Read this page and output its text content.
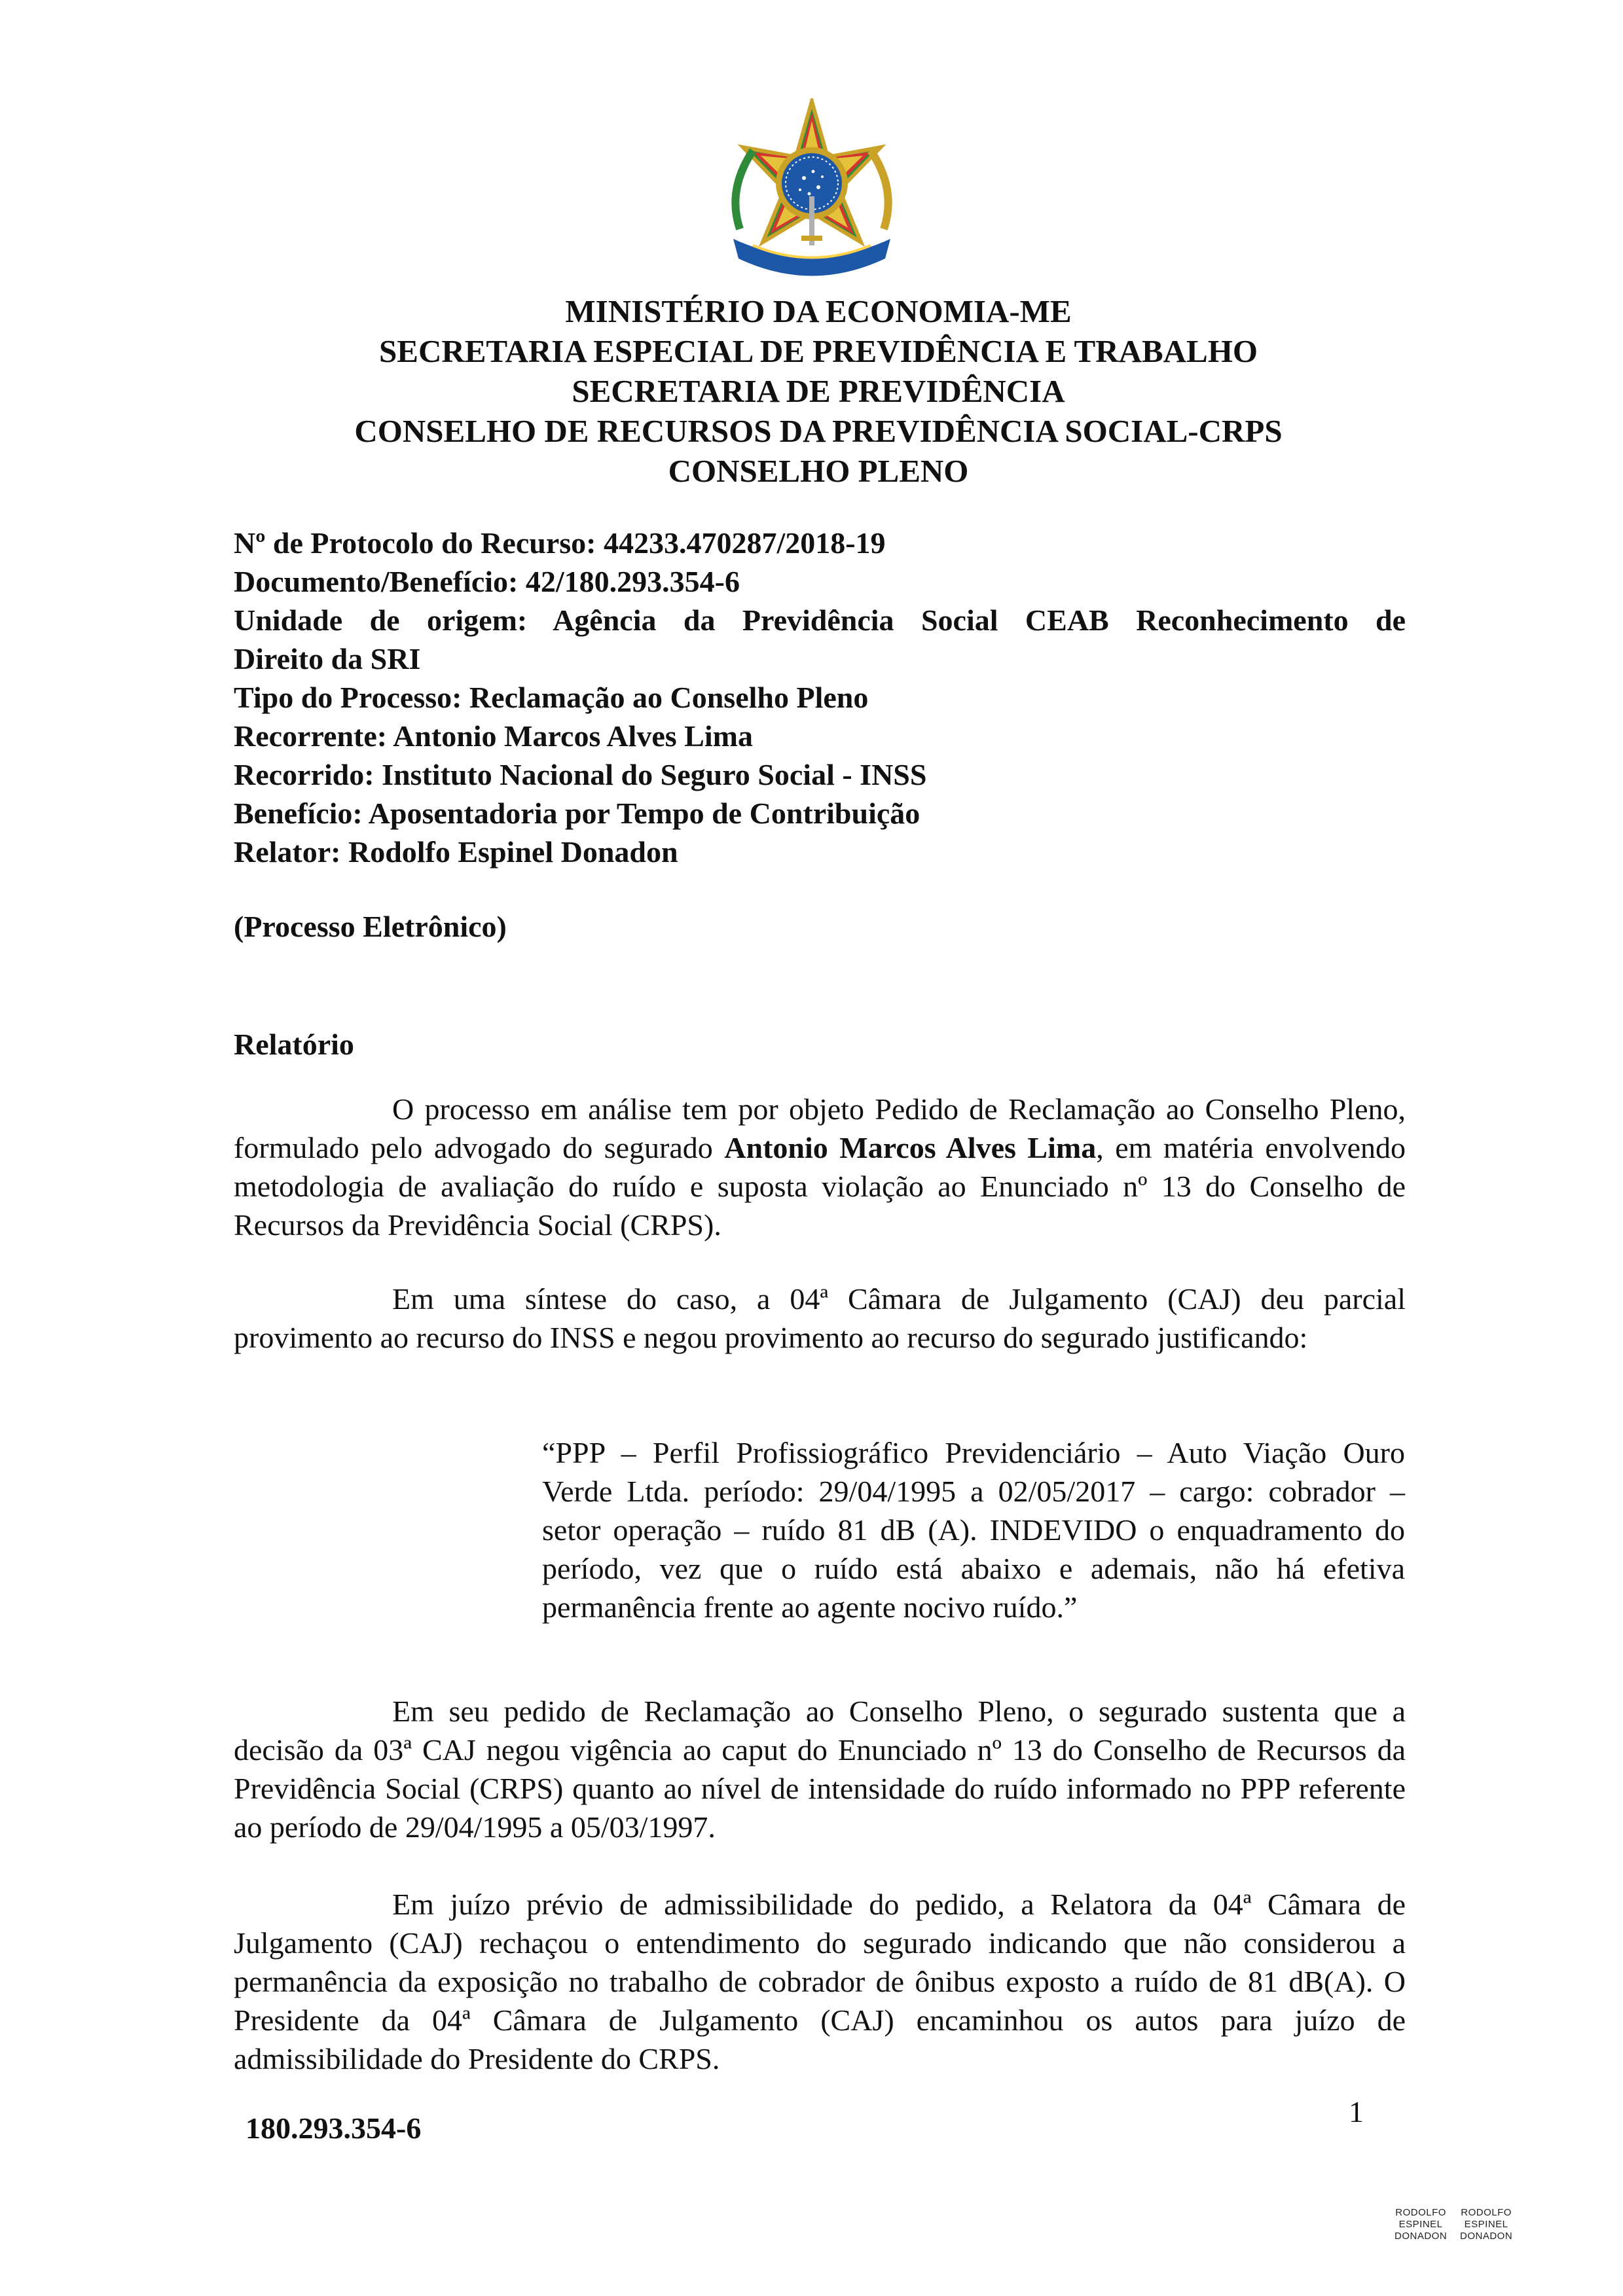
MINISTÉRIO DA ECONOMIA-ME
SECRETARIA ESPECIAL DE PREVIDÊNCIA E TRABALHO
SECRETARIA DE PREVIDÊNCIA
CONSELHO DE RECURSOS DA PREVIDÊNCIA SOCIAL-CRPS
CONSELHO PLENO
Nº de Protocolo do Recurso: 44233.470287/2018-19
Documento/Benefício: 42/180.293.354-6
Unidade de origem: Agência da Previdência Social CEAB Reconhecimento de
Direito da SRI
Tipo do Processo: Reclamação ao Conselho Pleno
Recorrente: Antonio Marcos Alves Lima
Recorrido: Instituto Nacional do Seguro Social - INSS
Benefício: Aposentadoria por Tempo de Contribuição
Relator: Rodolfo Espinel Donadon
(Processo Eletrônico)
Relatório
O processo em análise tem por objeto Pedido de Reclamação ao Conselho Pleno, formulado pelo advogado do segurado Antonio Marcos Alves Lima, em matéria envolvendo metodologia de avaliação do ruído e suposta violação ao Enunciado nº 13 do Conselho de Recursos da Previdência Social (CRPS).
Em uma síntese do caso, a 04ª Câmara de Julgamento (CAJ) deu parcial provimento ao recurso do INSS e negou provimento ao recurso do segurado justificando:
“PPP – Perfil Profissiográfico Previdenciário – Auto Viação Ouro Verde Ltda. período: 29/04/1995 a 02/05/2017 – cargo: cobrador – setor operação – ruído 81 dB (A). INDEVIDO o enquadramento do período, vez que o ruído está abaixo e ademais, não há efetiva permanência frente ao agente nocivo ruído.”
Em seu pedido de Reclamação ao Conselho Pleno, o segurado sustenta que a decisão da 03ª CAJ negou vigência ao caput do Enunciado nº 13 do Conselho de Recursos da Previdência Social (CRPS) quanto ao nível de intensidade do ruído informado no PPP referente ao período de 29/04/1995 a 05/03/1997.
Em juízo prévio de admissibilidade do pedido, a Relatora da 04ª Câmara de Julgamento (CAJ) rechaçou o entendimento do segurado indicando que não considerou a permanência da exposição no trabalho de cobrador de ônibus exposto a ruído de 81 dB(A). O Presidente da 04ª Câmara de Julgamento (CAJ) encaminhou os autos para juízo de admissibilidade do Presidente do CRPS.
180.293.354-6	1
RODOLFO
ESPINEL
DONADON
RODOLFO
ESPINEL
DONADON
